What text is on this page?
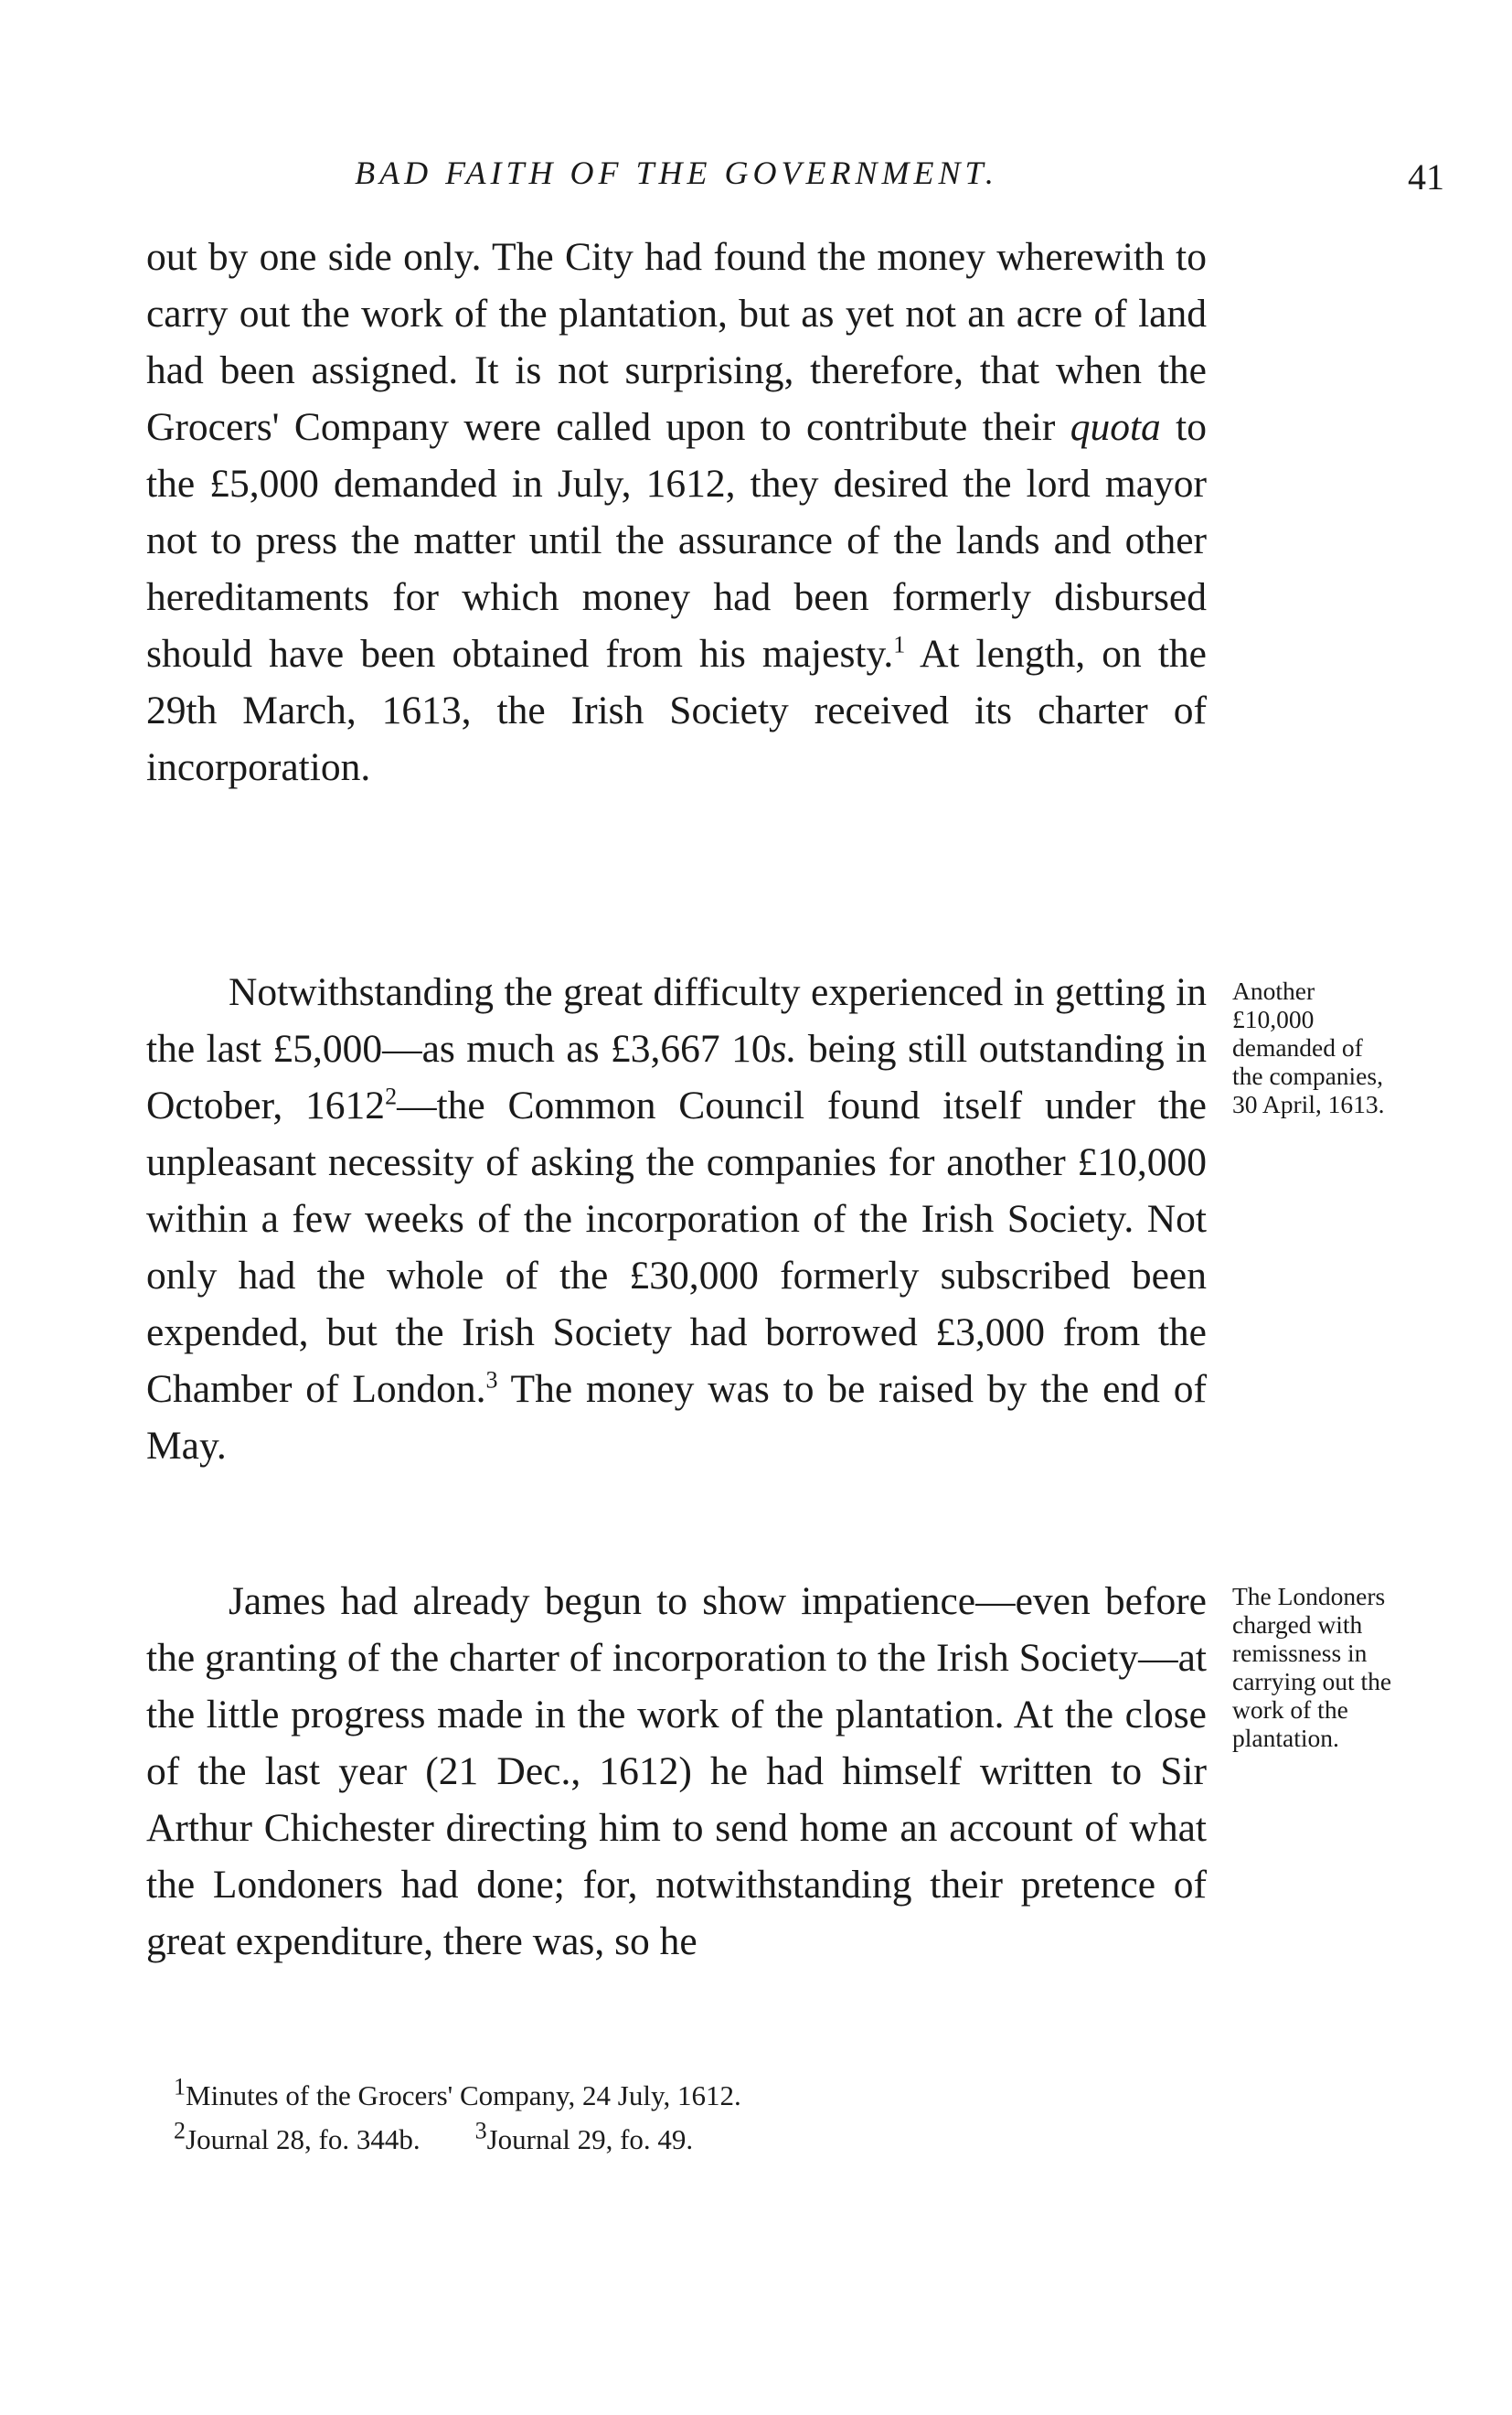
BAD FAITH OF THE GOVERNMENT.	41

out by one side only. The City had found the money wherewith to carry out the work of the plantation, but as yet not an acre of land had been assigned. It is not surprising, therefore, that when the Grocers' Company were called upon to contribute their quota to the £5,000 demanded in July, 1612, they desired the lord mayor not to press the matter until the assurance of the lands and other hereditaments for which money had been formerly disbursed should have been obtained from his majesty.$^1$ At length, on the 29th March, 1613, the Irish Society received its charter of incorporation.

Notwithstanding the great difficulty experienced in getting in the last £5,000—as much as £3,667 10s. being still outstanding in October, 1612$^2$—the Common Council found itself under the unpleasant necessity of asking the companies for another £10,000 within a few weeks of the incorporation of the Irish Society. Not only had the whole of the £30,000 formerly subscribed been expended, but the Irish Society had borrowed £3,000 from the Chamber of London.$^3$ The money was to be raised by the end of May.

James had already begun to show impatience—even before the granting of the charter of incorporation to the Irish Society—at the little progress made in the work of the plantation. At the close of the last year (21 Dec., 1612) he had himself written to Sir Arthur Chichester directing him to send home an account of what the Londoners had done; for, notwithstanding their pretence of great expenditure, there was, so he

Another £10,000 demanded of the companies, 30 April, 1613.
The Londoners charged with remissness in carrying out the work of the plantation.
$^1$Minutes of the Grocers' Company, 24 July, 1612.
$^2$Journal 28, fo. 344b. $^3$Journal 29, fo. 49.
